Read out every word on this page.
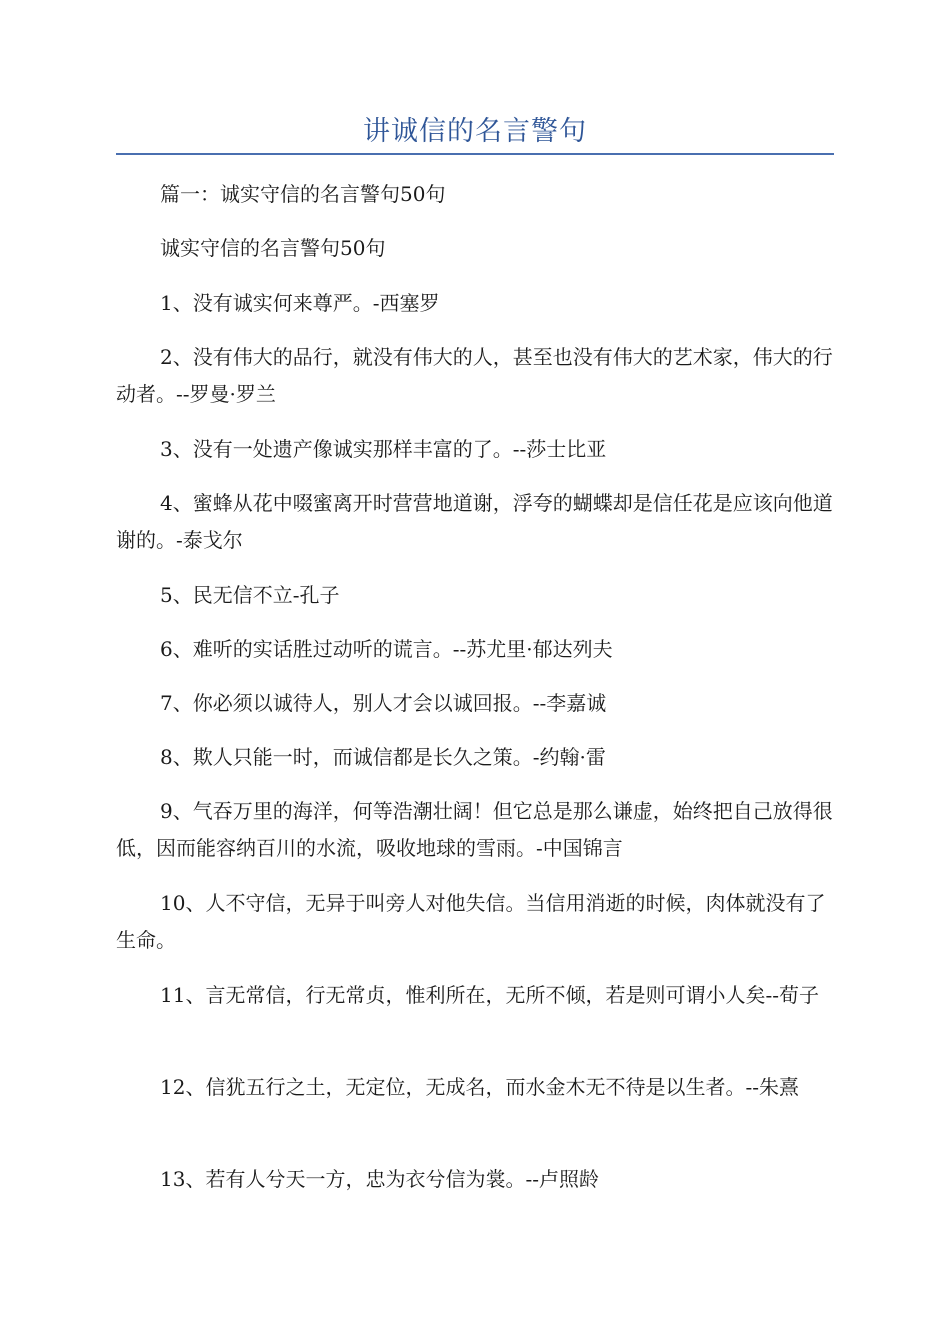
讲诚信的名言警句

篇一：诚实守信的名言警句50句

诚实守信的名言警句50句

1、没有诚实何来尊严。-西塞罗

2、没有伟大的品行，就没有伟大的人，甚至也没有伟大的艺术家，伟大的行动者。--罗曼·罗兰

3、没有一处遗产像诚实那样丰富的了。--莎士比亚

4、蜜蜂从花中啜蜜离开时营营地道谢，浮夸的蝴蝶却是信任花是应该向他道谢的。-泰戈尔

5、民无信不立-孔子

6、难听的实话胜过动听的谎言。--苏尤里·郁达列夫

7、你必须以诚待人，别人才会以诚回报。--李嘉诚

8、欺人只能一时，而诚信都是长久之策。-约翰·雷

9、气吞万里的海洋，何等浩潮壮阔！但它总是那么谦虚，始终把自己放得很低，因而能容纳百川的水流，吸收地球的雪雨。-中国锦言

10、人不守信，无异于叫旁人对他失信。当信用消逝的时候，肉体就没有了生命。

11、言无常信，行无常贞，惟利所在，无所不倾，若是则可谓小人矣--荀子

12、信犹五行之土，无定位，无成名，而水金木无不待是以生者。--朱熹

13、若有人兮天一方，忠为衣兮信为裳。--卢照龄
